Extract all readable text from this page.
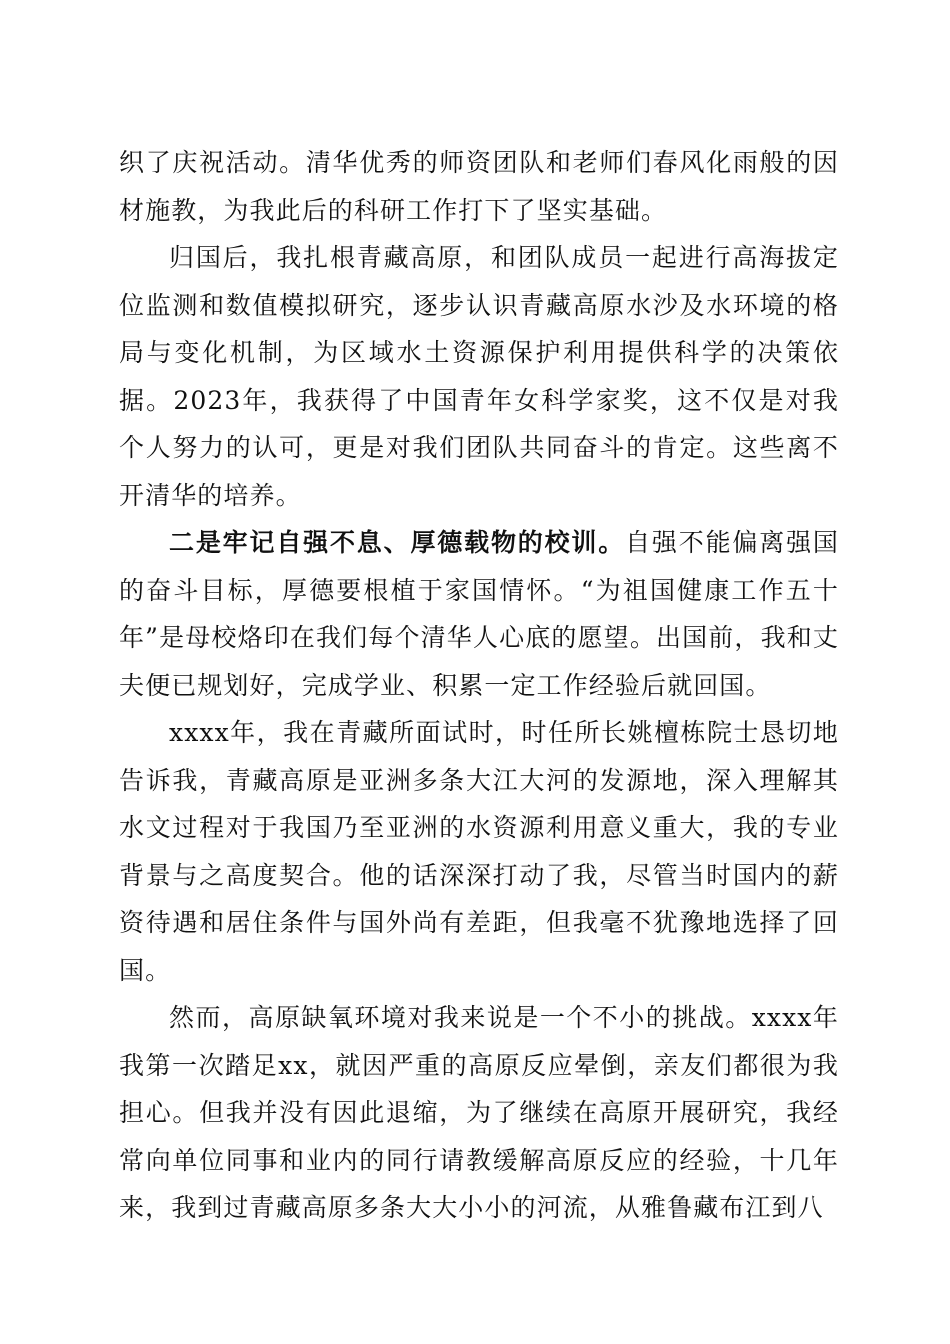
织了庆祝活动。清华优秀的师资团队和老师们春风化雨般的因材施教，为我此后的科研工作打下了坚实基础。

归国后，我扎根青藏高原，和团队成员一起进行高海拔定位监测和数值模拟研究，逐步认识青藏高原水沙及水环境的格局与变化机制，为区域水土资源保护利用提供科学的决策依据。2023年，我获得了中国青年女科学家奖，这不仅是对我个人努力的认可，更是对我们团队共同奋斗的肯定。这些离不开清华的培养。

二是牢记自强不息、厚德载物的校训。自强不能偏离强国的奋斗目标，厚德要根植于家国情怀。“为祖国健康工作五十年”是母校烙印在我们每个清华人心底的愿望。出国前，我和丈夫便已规划好，完成学业、积累一定工作经验后就回国。

xxxx年，我在青藏所面试时，时任所长姚檀栋院士恳切地告诉我，青藏高原是亚洲多条大江大河的发源地，深入理解其水文过程对于我国乃至亚洲的水资源利用意义重大，我的专业背景与之高度契合。他的话深深打动了我，尽管当时国内的薪资待遇和居住条件与国外尚有差距，但我毫不犹豫地选择了回国。

然而，高原缺氧环境对我来说是一个不小的挑战。xxxx年我第一次踏足xx，就因严重的高原反应晕倒，亲友们都很为我担心。但我并没有因此退缩，为了继续在高原开展研究，我经常向单位同事和业内的同行请教缓解高原反应的经验，十几年来，我到过青藏高原多条大大小小的河流，从雅鲁藏布江到八
